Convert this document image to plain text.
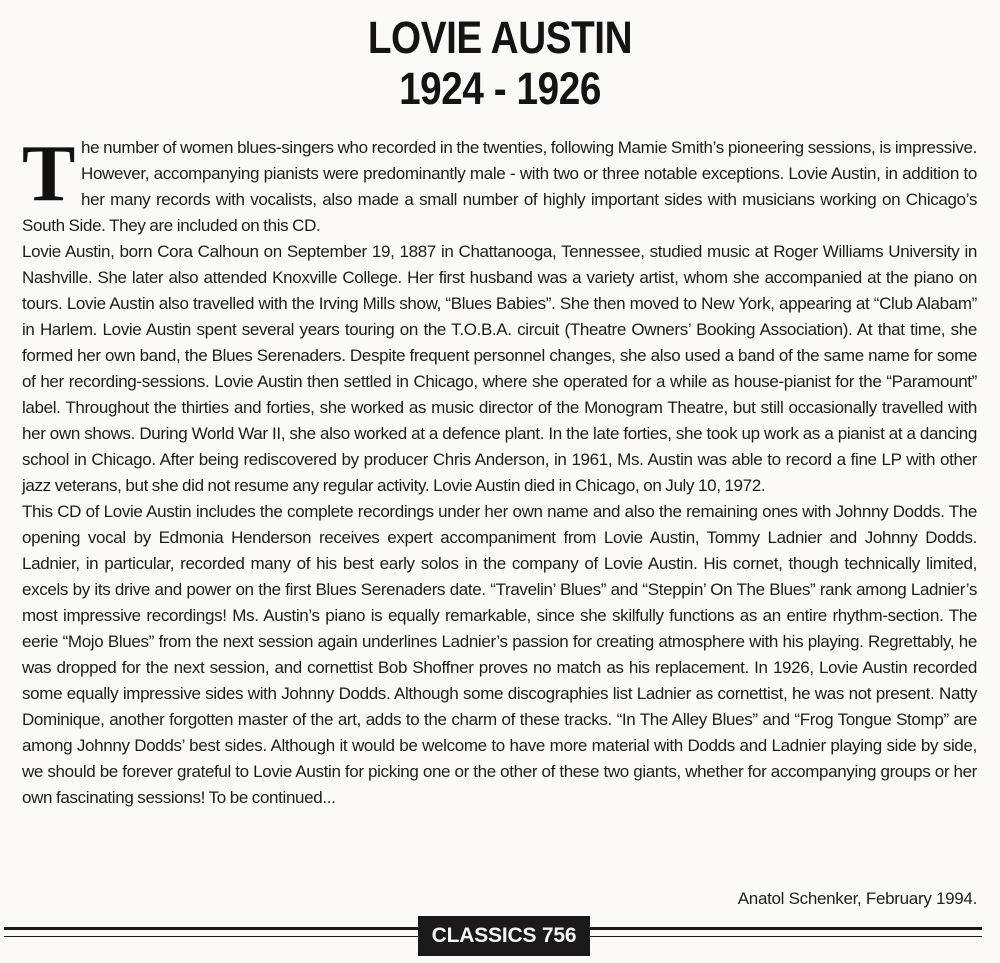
LOVIE AUSTIN
1924 - 1926

The number of women blues-singers who recorded in the twenties, following Mamie Smith’s pioneering sessions, is impressive. However, accompanying pianists were predominantly male - with two or three notable exceptions. Lovie Austin, in addition to her many records with vocalists, also made a small number of highly important sides with musicians working on Chicago’s South Side. They are included on this CD.

Lovie Austin, born Cora Calhoun on September 19, 1887 in Chattanooga, Tennessee, studied music at Roger Williams University in Nashville. She later also attended Knoxville College. Her first husband was a variety artist, whom she accompanied at the piano on tours. Lovie Austin also travelled with the Irving Mills show, “Blues Babies”. She then moved to New York, appearing at “Club Alabam” in Harlem. Lovie Austin spent several years touring on the T.O.B.A. circuit (Theatre Owners’ Booking Association). At that time, she formed her own band, the Blues Serenaders. Despite frequent personnel changes, she also used a band of the same name for some of her recording-sessions. Lovie Austin then settled in Chicago, where she operated for a while as house-pianist for the “Paramount” label. Throughout the thirties and forties, she worked as music director of the Monogram Theatre, but still occasionally travelled with her own shows. During World War II, she also worked at a defence plant. In the late forties, she took up work as a pianist at a dancing school in Chicago. After being rediscovered by producer Chris Anderson, in 1961, Ms. Austin was able to record a fine LP with other jazz veterans, but she did not resume any regular activity. Lovie Austin died in Chicago, on July 10, 1972.

This CD of Lovie Austin includes the complete recordings under her own name and also the remaining ones with Johnny Dodds. The opening vocal by Edmonia Henderson receives expert accompaniment from Lovie Austin, Tommy Ladnier and Johnny Dodds. Ladnier, in particular, recorded many of his best early solos in the company of Lovie Austin. His cornet, though technically limited, excels by its drive and power on the first Blues Serenaders date. “Travelin’ Blues” and “Steppin’ On The Blues” rank among Ladnier’s most impressive recordings! Ms. Austin’s piano is equally remarkable, since she skilfully functions as an entire rhythm-section. The eerie “Mojo Blues” from the next session again underlines Ladnier’s passion for creating atmosphere with his playing. Regrettably, he was dropped for the next session, and cornettist Bob Shoffner proves no match as his replacement. In 1926, Lovie Austin recorded some equally impressive sides with Johnny Dodds. Although some discographies list Ladnier as cornettist, he was not present. Natty Dominique, another forgotten master of the art, adds to the charm of these tracks. “In The Alley Blues” and “Frog Tongue Stomp” are among Johnny Dodds’ best sides. Although it would be welcome to have more material with Dodds and Ladnier playing side by side, we should be forever grateful to Lovie Austin for picking one or the other of these two giants, whether for accompanying groups or her own fascinating sessions! To be continued...

Anatol Schenker, February 1994.
CLASSICS 756
